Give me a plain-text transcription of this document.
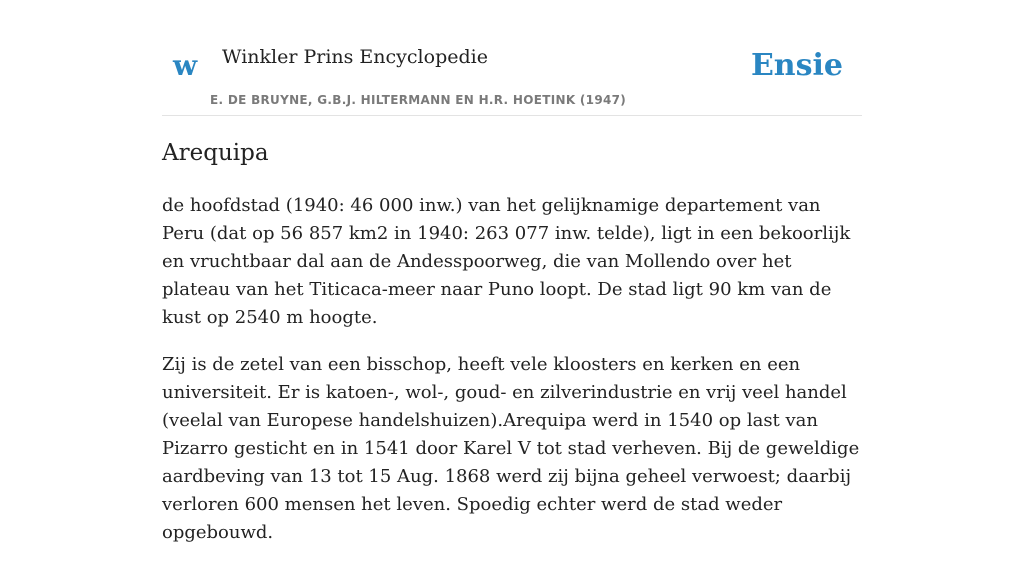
w Winkler Prins Encyclopedie
E. DE BRUYNE, G.B.J. HILTERMANN EN H.R. HOETINK (1947)
Ensie
Arequipa

de hoofdstad (1940: 46 000 inw.) van het gelijknamige departement van Peru (dat op 56 857 km2 in 1940: 263 077 inw. telde), ligt in een bekoorlijk en vruchtbaar dal aan de Andesspoorweg, die van Mollendo over het plateau van het Titicaca-meer naar Puno loopt. De stad ligt 90 km van de kust op 2540 m hoogte.

Zij is de zetel van een bisschop, heeft vele kloosters en kerken en een universiteit. Er is katoen-, wol-, goud- en zilverindustrie en vrij veel handel (veelal van Europese handelshuizen).Arequipa werd in 1540 op last van Pizarro gesticht en in 1541 door Karel V tot stad verheven. Bij de geweldige aardbeving van 13 tot 15 Aug. 1868 werd zij bijna geheel verwoest; daarbij verloren 600 mensen het leven. Spoedig echter werd de stad weder opgebouwd.
